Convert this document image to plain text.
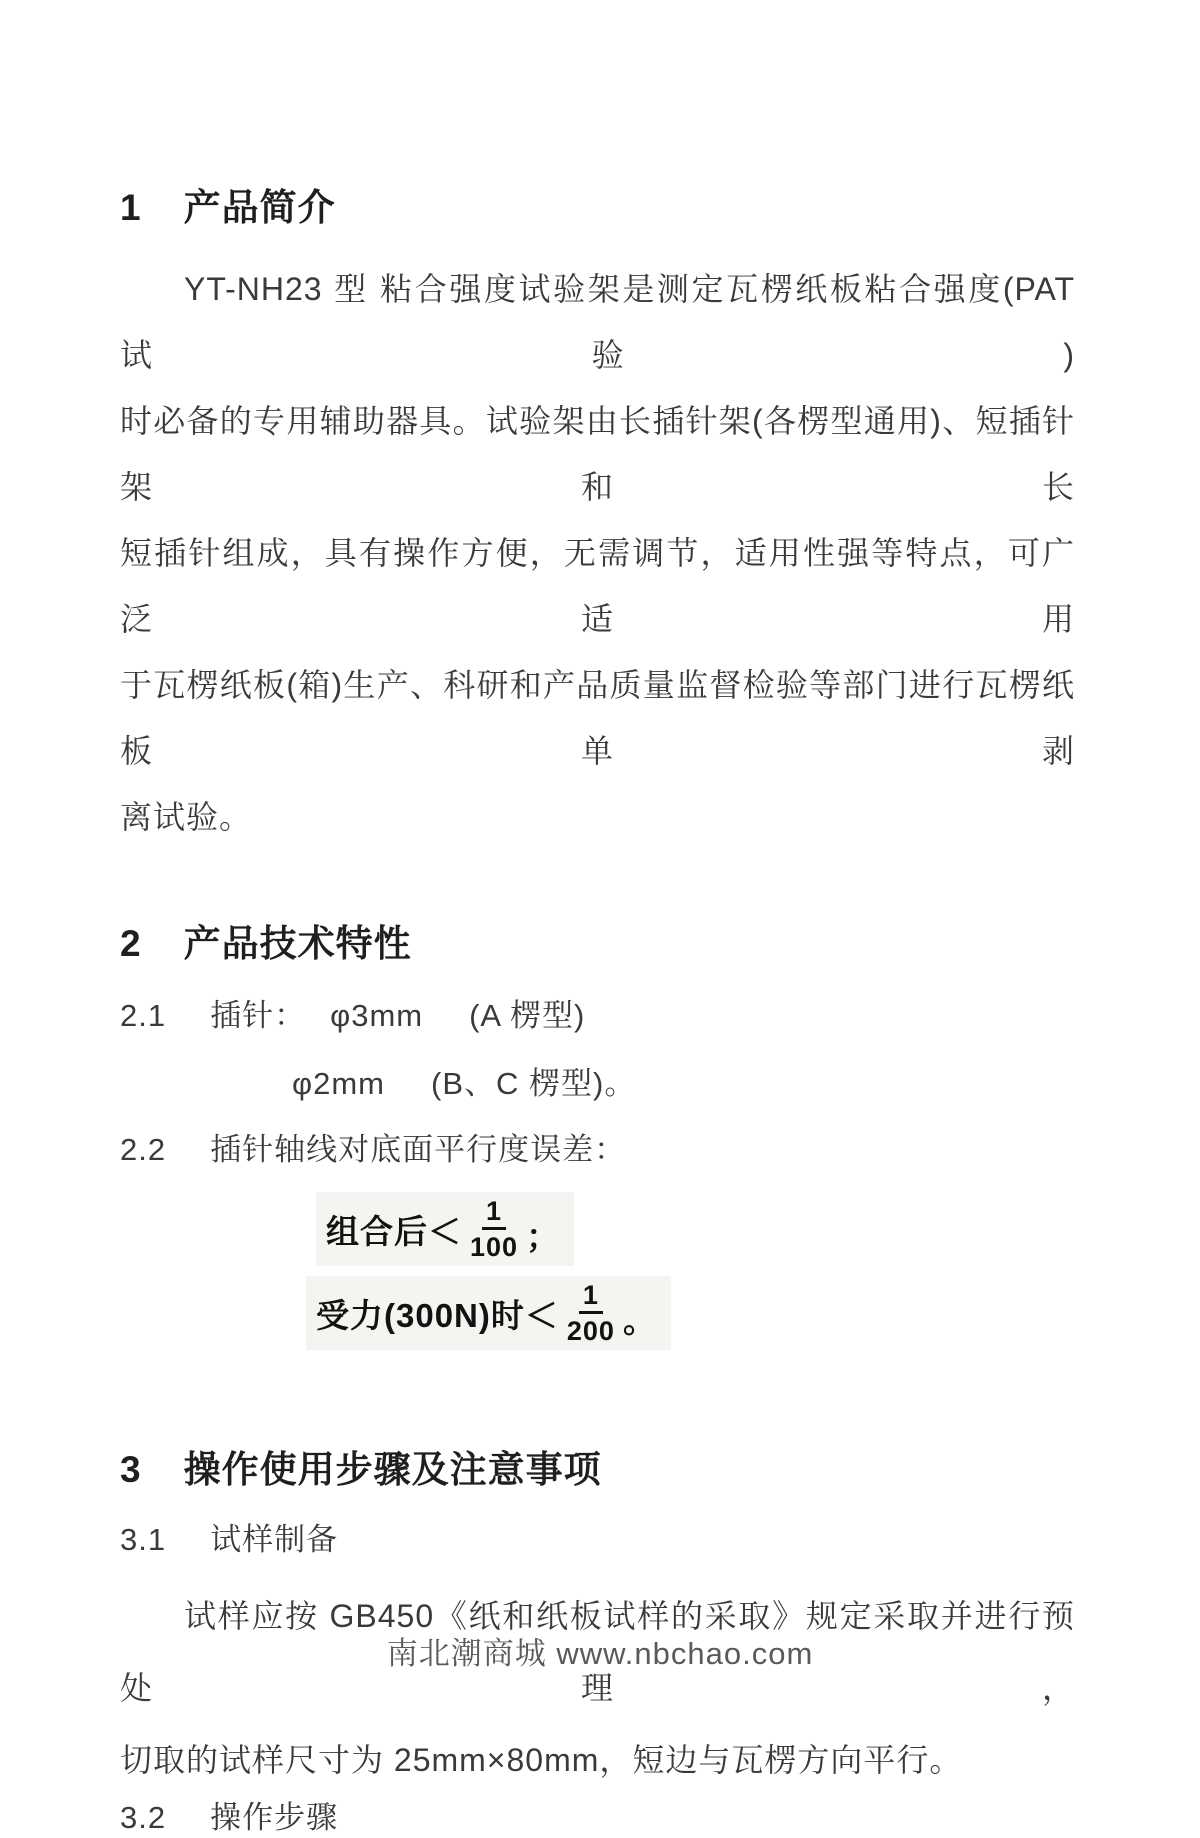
1 产品简介
YT-NH23 型 粘合强度试验架是测定瓦楞纸板粘合强度(PAT 试验)
时必备的专用辅助器具。试验架由长插针架(各楞型通用)、短插针架和长
短插针组成，具有操作方便，无需调节，适用性强等特点，可广泛适用
于瓦楞纸板(箱)生产、科研和产品质量监督检验等部门进行瓦楞纸板单剥
离试验。
2 产品技术特性
2.1 插针： φ3mm (A 楞型)
φ2mm (B、C 楞型)。
2.2 插针轴线对底面平行度误差：
组合后＜ $\frac{1}{100}$ ；
受力(300N)时＜ $\frac{1}{200}$ 。
3 操作使用步骤及注意事项
3.1 试样制备
试样应按 GB450《纸和纸板试样的采取》规定采取并进行预处理，
切取的试样尺寸为 25mm×80mm，短边与瓦楞方向平行。
3.2 操作步骤
南北潮商城 www.nbchao.com
